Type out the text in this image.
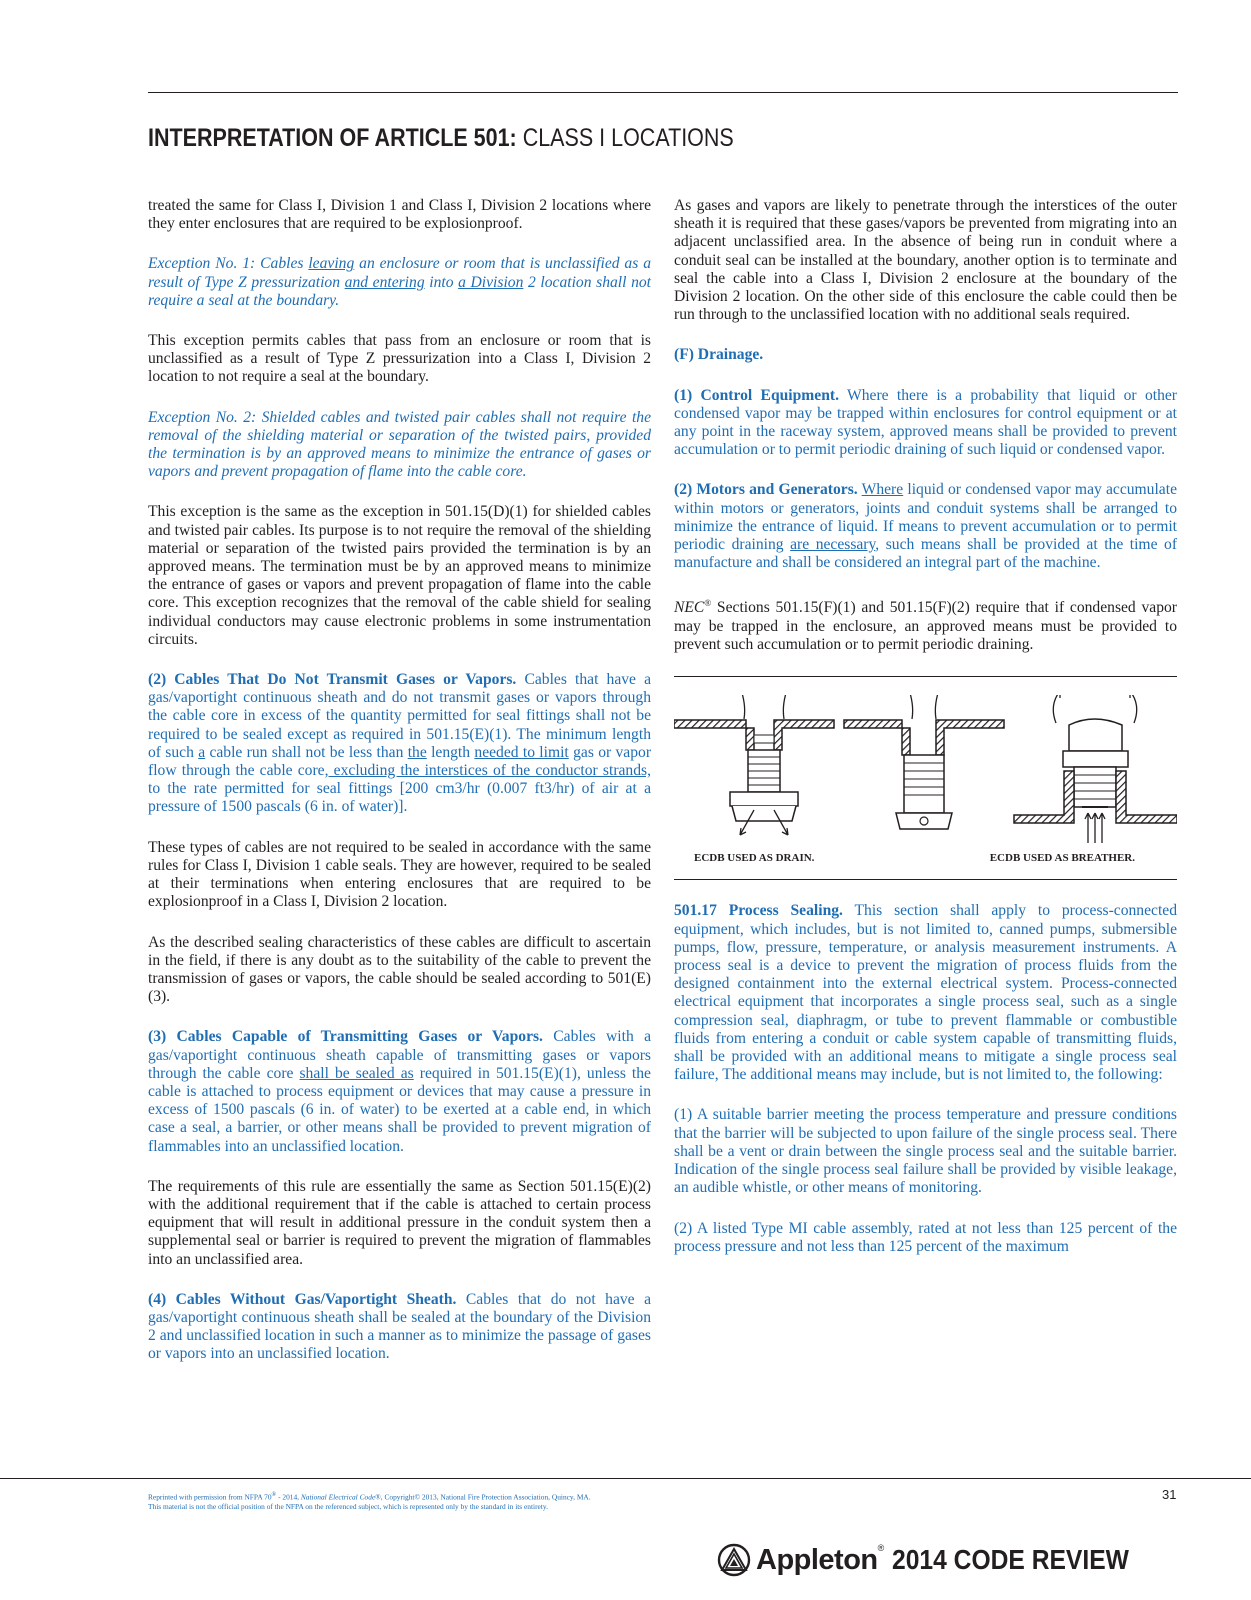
INTERPRETATION OF ARTICLE 501: CLASS I LOCATIONS

treated the same for Class I, Division 1 and Class I, Division 2 locations where they enter enclosures that are required to be explosionproof.

Exception No. 1: Cables leaving an enclosure or room that is unclassified as a result of Type Z pressurization and entering into a Division 2 location shall not require a seal at the boundary.

This exception permits cables that pass from an enclosure or room that is unclassified as a result of Type Z pressurization into a Class I, Division 2 location to not require a seal at the boundary.

Exception No. 2: Shielded cables and twisted pair cables shall not require the removal of the shielding material or separation of the twisted pairs, provided the termination is by an approved means to minimize the entrance of gases or vapors and prevent propagation of flame into the cable core.

This exception is the same as the exception in 501.15(D)(1) for shielded cables and twisted pair cables. Its purpose is to not require the removal of the shielding material or separation of the twisted pairs provided the termination is by an approved means. The termination must be by an approved means to minimize the entrance of gases or vapors and prevent propagation of flame into the cable core. This exception recognizes that the removal of the cable shield for sealing individual conductors may cause electronic problems in some instrumentation circuits.

(2) Cables That Do Not Transmit Gases or Vapors. Cables that have a gas/vaportight continuous sheath and do not transmit gases or vapors through the cable core in excess of the quantity permitted for seal fittings shall not be required to be sealed except as required in 501.15(E)(1). The minimum length of such a cable run shall not be less than the length needed to limit gas or vapor flow through the cable core, excluding the interstices of the conductor strands, to the rate permitted for seal fittings [200 cm3/hr (0.007 ft3/hr) of air at a pressure of 1500 pascals (6 in. of water)].

These types of cables are not required to be sealed in accordance with the same rules for Class I, Division 1 cable seals. They are however, required to be sealed at their terminations when entering enclosures that are required to be explosionproof in a Class I, Division 2 location.

As the described sealing characteristics of these cables are difficult to ascertain in the field, if there is any doubt as to the suitability of the cable to prevent the transmission of gases or vapors, the cable should be sealed according to 501(E)(3).

(3) Cables Capable of Transmitting Gases or Vapors. Cables with a gas/vaportight continuous sheath capable of transmitting gases or vapors through the cable core shall be sealed as required in 501.15(E)(1), unless the cable is attached to process equipment or devices that may cause a pressure in excess of 1500 pascals (6 in. of water) to be exerted at a cable end, in which case a seal, a barrier, or other means shall be provided to prevent migration of flammables into an unclassified location.

The requirements of this rule are essentially the same as Section 501.15(E)(2) with the additional requirement that if the cable is attached to certain process equipment that will result in additional pressure in the conduit system then a supplemental seal or barrier is required to prevent the migration of flammables into an unclassified area.

(4) Cables Without Gas/Vaportight Sheath. Cables that do not have a gas/vaportight continuous sheath shall be sealed at the boundary of the Division 2 and unclassified location in such a manner as to minimize the passage of gases or vapors into an unclassified location.

As gases and vapors are likely to penetrate through the interstices of the outer sheath it is required that these gases/vapors be prevented from migrating into an adjacent unclassified area. In the absence of being run in conduit where a conduit seal can be installed at the boundary, another option is to terminate and seal the cable into a Class I, Division 2 enclosure at the boundary of the Division 2 location. On the other side of this enclosure the cable could then be run through to the unclassified location with no additional seals required.

(F) Drainage.

(1) Control Equipment. Where there is a probability that liquid or other condensed vapor may be trapped within enclosures for control equipment or at any point in the raceway system, approved means shall be provided to prevent accumulation or to permit periodic draining of such liquid or condensed vapor.

(2) Motors and Generators. Where liquid or condensed vapor may accumulate within motors or generators, joints and conduit systems shall be arranged to minimize the entrance of liquid. If means to prevent accumulation or to permit periodic draining are necessary, such means shall be provided at the time of manufacture and shall be considered an integral part of the machine.

NEC® Sections 501.15(F)(1) and 501.15(F)(2) require that if condensed vapor may be trapped in the enclosure, an approved means must be provided to prevent such accumulation or to permit periodic draining.

ECDB USED AS DRAIN.	ECDB USED AS BREATHER.

501.17 Process Sealing. This section shall apply to process-connected equipment, which includes, but is not limited to, canned pumps, submersible pumps, flow, pressure, temperature, or analysis measurement instruments. A process seal is a device to prevent the migration of process fluids from the designed containment into the external electrical system. Process-connected electrical equipment that incorporates a single process seal, such as a single compression seal, diaphragm, or tube to prevent flammable or combustible fluids from entering a conduit or cable system capable of transmitting fluids, shall be provided with an additional means to mitigate a single process seal failure, The additional means may include, but is not limited to, the following:

(1) A suitable barrier meeting the process temperature and pressure conditions that the barrier will be subjected to upon failure of the single process seal. There shall be a vent or drain between the single process seal and the suitable barrier. Indication of the single process seal failure shall be provided by visible leakage, an audible whistle, or other means of monitoring.

(2) A listed Type MI cable assembly, rated at not less than 125 percent of the process pressure and not less than 125 percent of the maximum

Reprinted with permission from NFPA 70® - 2014, National Electrical Code®, Copyright© 2013, National Fire Protection Association, Quincy, MA.
This material is not the official position of the NFPA on the referenced subject, which is represented only by the standard in its entirety.
31
Appleton ® 2014 CODE REVIEW
